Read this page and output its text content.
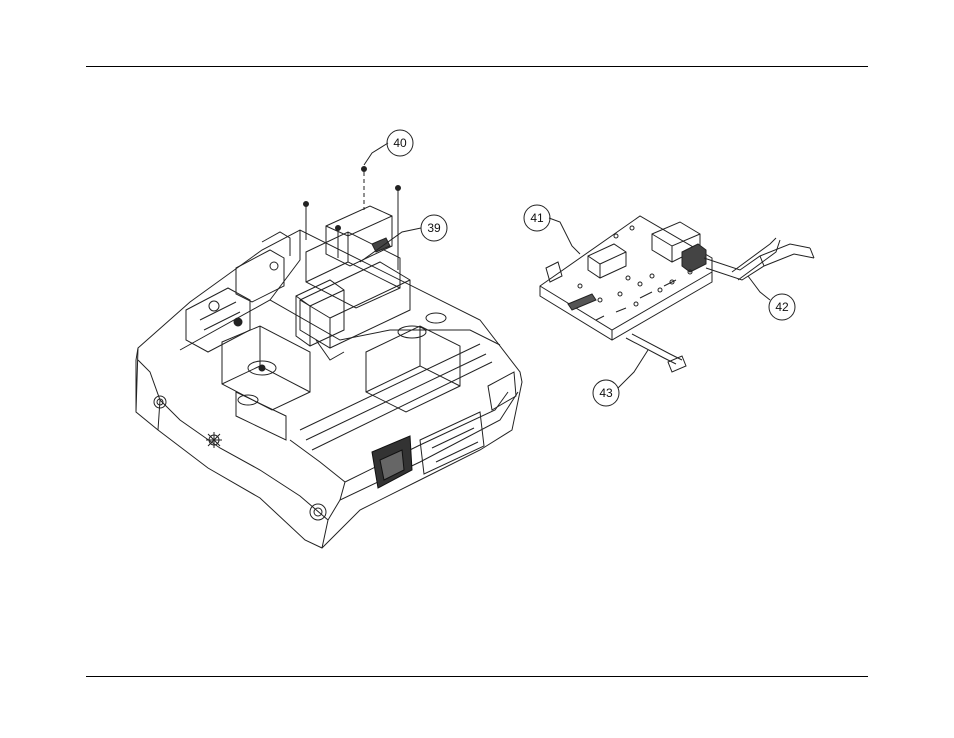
40
39
41
42
43
